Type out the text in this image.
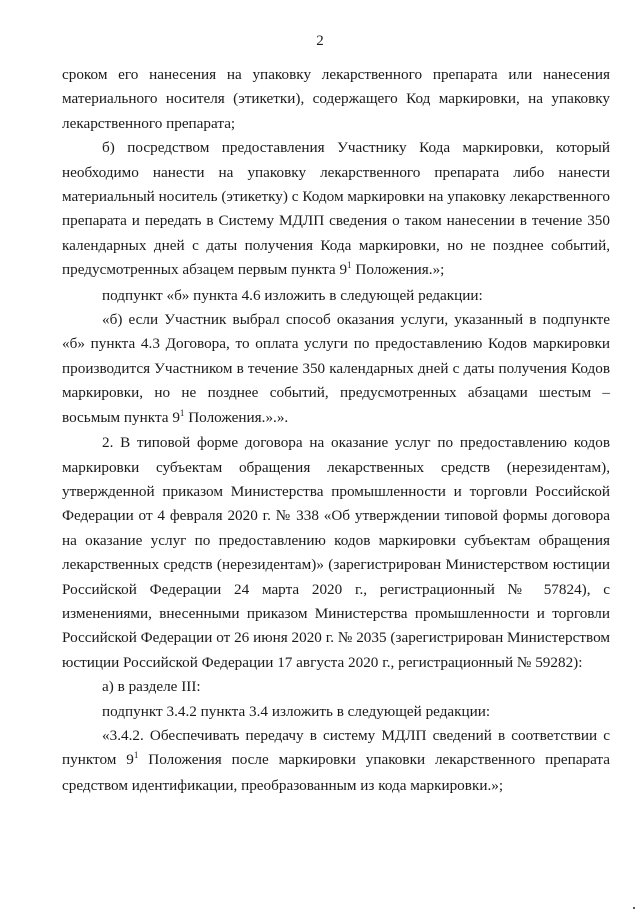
2

сроком его нанесения на упаковку лекарственного препарата или нанесения материального носителя (этикетки), содержащего Код маркировки, на упаковку лекарственного препарата;

б) посредством предоставления Участнику Кода маркировки, который необходимо нанести на упаковку лекарственного препарата либо нанести материальный носитель (этикетку) с Кодом маркировки на упаковку лекарственного препарата и передать в Систему МДЛП сведения о таком нанесении в течение 350 календарных дней с даты получения Кода маркировки, но не позднее событий, предусмотренных абзацем первым пункта $9^1$ Положения.»;

подпункт «б» пункта 4.6 изложить в следующей редакции:

«б) если Участник выбрал способ оказания услуги, указанный в подпункте «б» пункта 4.3 Договора, то оплата услуги по предоставлению Кодов маркировки производится Участником в течение 350 календарных дней с даты получения Кодов маркировки, но не позднее событий, предусмотренных абзацами шестым – восьмым пункта $9^1$ Положения.».».

2. В типовой форме договора на оказание услуг по предоставлению кодов маркировки субъектам обращения лекарственных средств (нерезидентам), утвержденной приказом Министерства промышленности и торговли Российской Федерации от 4 февраля 2020 г. № 338 «Об утверждении типовой формы договора на оказание услуг по предоставлению кодов маркировки субъектам обращения лекарственных средств (нерезидентам)» (зарегистрирован Министерством юстиции Российской Федерации 24 марта 2020 г., регистрационный № 57824), с изменениями, внесенными приказом Министерства промышленности и торговли Российской Федерации от 26 июня 2020 г. № 2035 (зарегистрирован Министерством юстиции Российской Федерации 17 августа 2020 г., регистрационный № 59282):

а) в разделе III:

подпункт 3.4.2 пункта 3.4 изложить в следующей редакции:

«3.4.2. Обеспечивать передачу в систему МДЛП сведений в соответствии с пунктом $9^1$ Положения после маркировки упаковки лекарственного препарата средством идентификации, преобразованным из кода маркировки.»;
